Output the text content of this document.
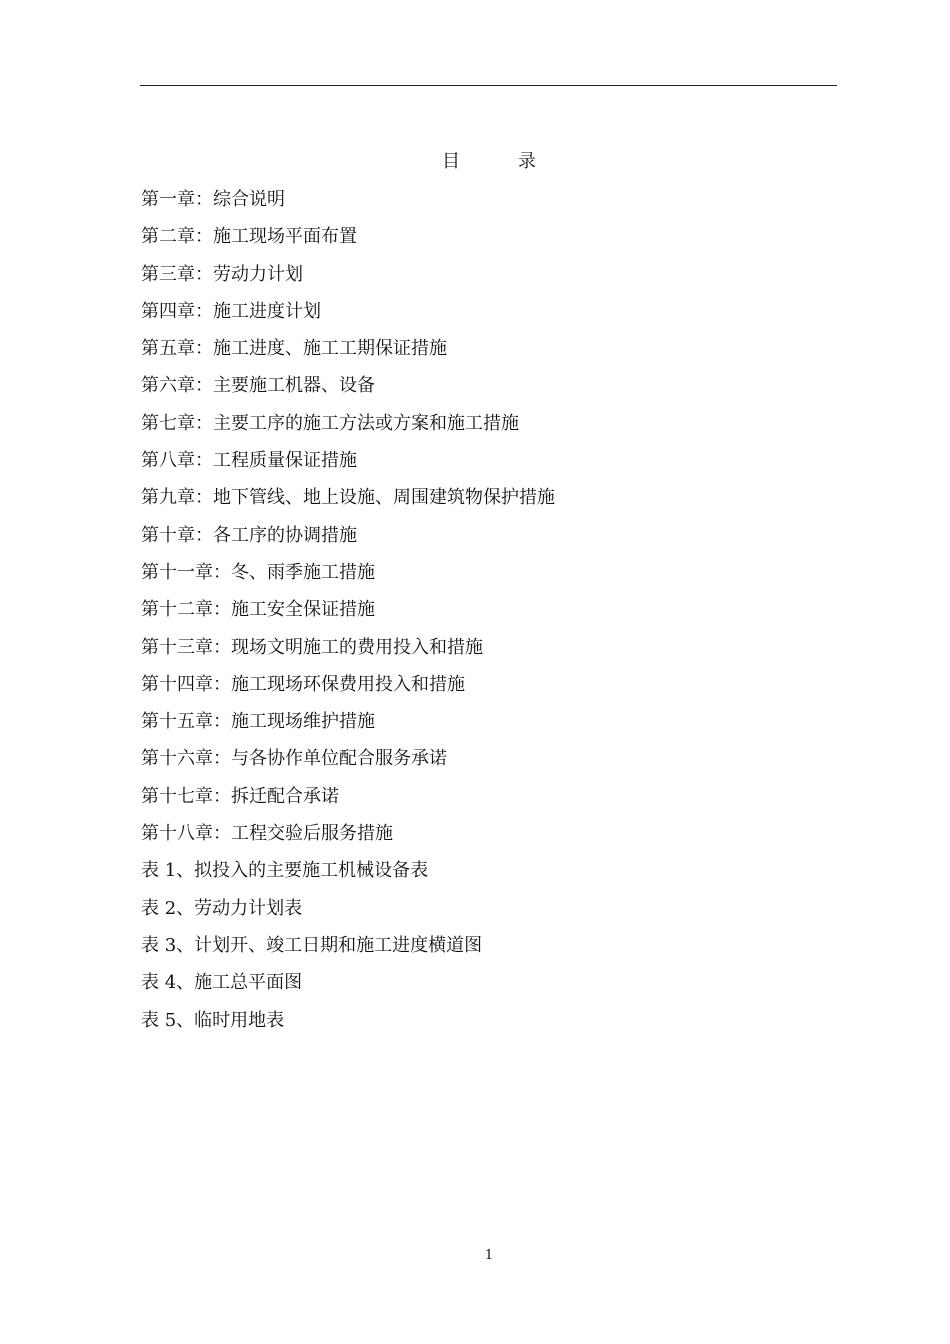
目	录
第一章：综合说明
第二章：施工现场平面布置
第三章：劳动力计划
第四章：施工进度计划
第五章：施工进度、施工工期保证措施
第六章：主要施工机器、设备
第七章：主要工序的施工方法或方案和施工措施
第八章：工程质量保证措施
第九章：地下管线、地上设施、周围建筑物保护措施
第十章：各工序的协调措施
第十一章：冬、雨季施工措施
第十二章：施工安全保证措施
第十三章：现场文明施工的费用投入和措施
第十四章：施工现场环保费用投入和措施
第十五章：施工现场维护措施
第十六章：与各协作单位配合服务承诺
第十七章：拆迁配合承诺
第十八章：工程交验后服务措施
表 1、拟投入的主要施工机械设备表
表 2、劳动力计划表
表 3、计划开、竣工日期和施工进度横道图
表 4、施工总平面图
表 5、临时用地表
1
